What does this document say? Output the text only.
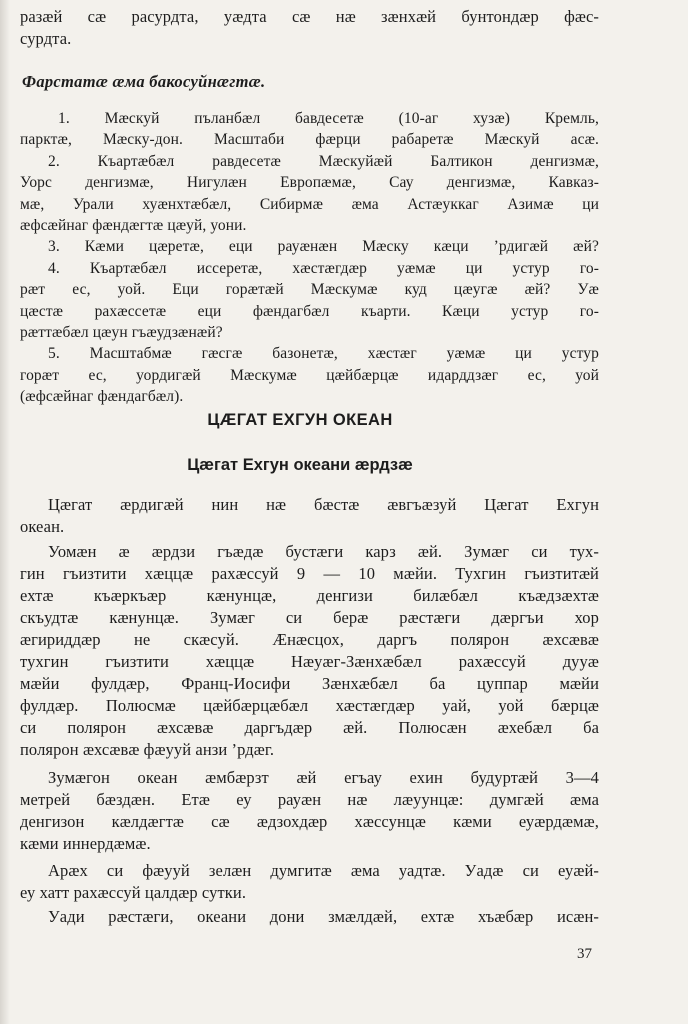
разæй сæ расурдта, уæдта сæ нæ зæнхæй бунтондæр фæс-
сурдта.
Фарстатæ æма бакосуйнæгтæ.
1. Мæскуй пъланбæл бавдесетæ (10-аг хузæ) Кремль,
парктæ, Мæску-дон. Масштаби фæрци рабаретæ Мæскуй асæ.
2. Къартæбæл равдесетæ Мæскуйæй Балтикон денгизмæ,
Уорс денгизмæ, Нигулæн Европæмæ, Сау денгизмæ, Кавказ-
мæ, Урали хуæнхтæбæл, Сибирмæ æма Астæуккаг Азимæ ци
æфсæйнаг фæндæгтæ цæуй, уони.
3. Кæми цæретæ, еци рауæнæн Мæску кæци ’рдигæй æй?
4. Къартæбæл иссеретæ, хæстæгдæр уæмæ ци устур го-
рæт ес, уой. Еци горæтæй Мæскумæ куд цæугæ æй? Уæ
цæстæ рахæссетæ еци фæндагбæл къарти. Кæци устур го-
рæттæбæл цæун гъæудзæнæй?
5. Масштабмæ гæсгæ базонетæ, хæстæг уæмæ ци устур
горæт ес, уордигæй Мæскумæ цæйбæрцæ идарддзæг ес, уой
(æфсæйнаг фæндагбæл).
ЦÆГАТ ЕХГУН ОКЕАН
Цæгат Ехгун океани æрдзæ
Цæгат æрдигæй нин нæ бæстæ æвгъæзуй Цæгат Ехгун
океан.
Уомæн æ æрдзи гъæдæ бустæги карз æй. Зумæг си тух-
гин гъизтити хæццæ рахæссуй 9 — 10 мæйи. Тухгин гъизтитæй
ехтæ къæркъæр кæнунцæ, денгизи билæбæл къæдзæхтæ
скъудтæ кæнунцæ. Зумæг си берæ рæстæги дæргъи хор
æгириддæр не скæсуй. Æнæсцох, даргъ полярон æхсæвæ
тухгин гъизтити хæццæ Нæуæг-Зæнхæбæл рахæссуй дууæ
мæйи фулдæр, Франц-Иосифи Зæнхæбæл ба цуппар мæйи
фулдæр. Полюсмæ цæйбæрцæбæл хæстæгдæр уай, уой бæрцæ
си полярон æхсæвæ даргъдæр æй. Полюсæн æхебæл ба
полярон æхсæвæ фæууй анзи ’рдæг.
Зумæгон океан æмбæрзт æй егъау ехин будуртæй 3—4
метрей бæздæн. Етæ еу рауæн нæ лæуунцæ: думгæй æма
денгизон кæлдæгтæ сæ æдзохдæр хæссунцæ кæми еуæрдæмæ,
кæми иннердæмæ.
Арæх си фæууй зелæн думгитæ æма уадтæ. Уадæ си еуæй-
еу хатт рахæссуй цалдæр сутки.
Уади рæстæги, океани дони змæлдæй, ехтæ хъæбæр исæн-
37
